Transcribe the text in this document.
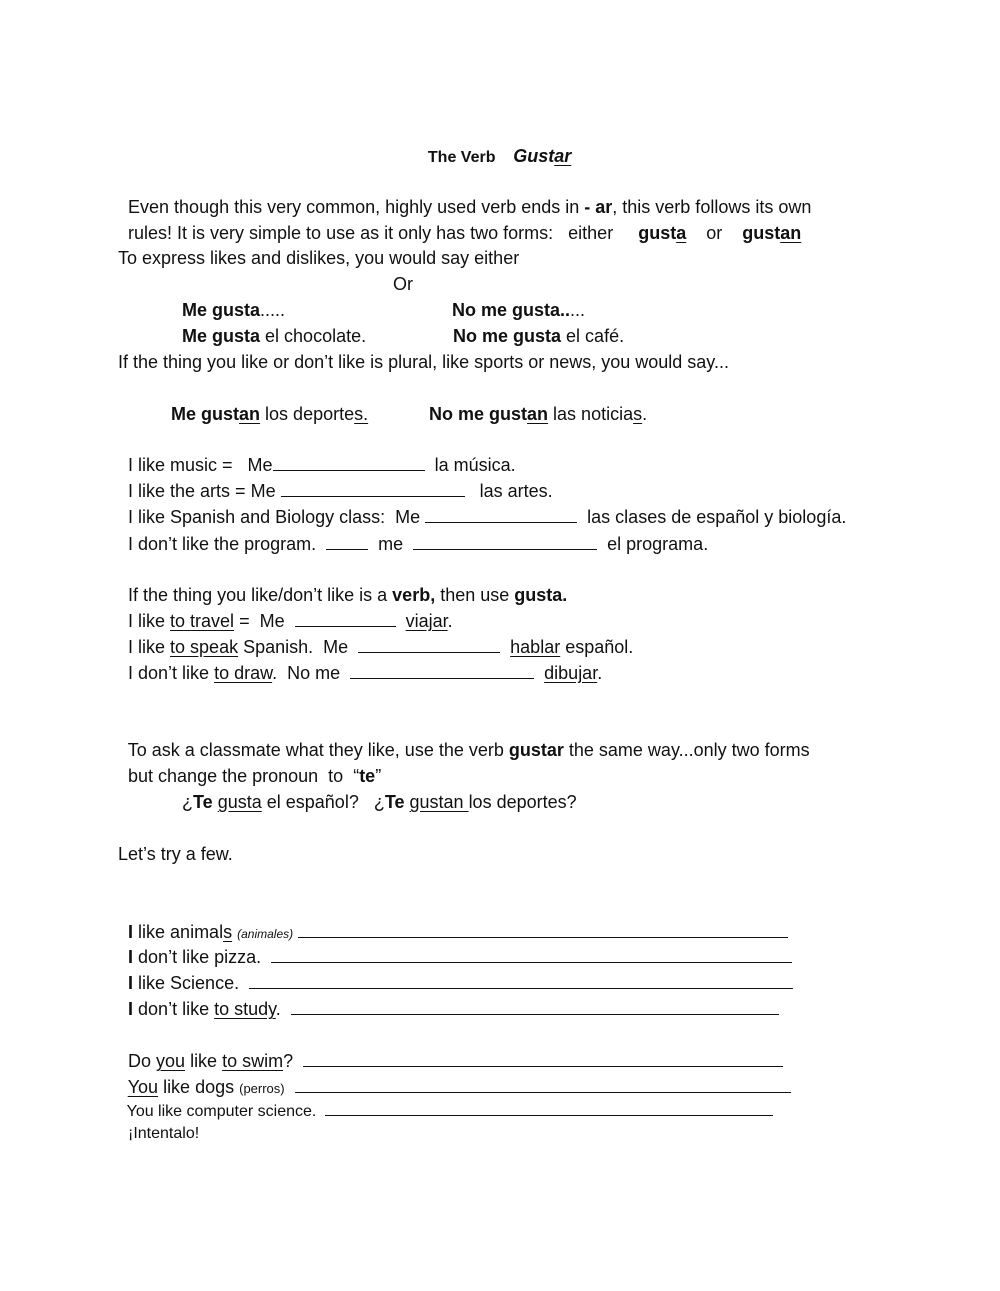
The Verb Gustar

Even though this very common, highly used verb ends in - ar, this verb follows its own

rules! It is very simple to use as it only has two forms:   either     gusta    or    gustan

To express likes and dislikes, you would say either

Me gusta.....

Or

No me gusta.....

Me gusta el chocolate.	No me gusta el café.

If the thing you like or don’t like is plural, like sports or news, you would say...

Me gustan los deportes.	No me gustan las noticias.

I like music =   Me	la música.

I like the arts = Me	las artes.

I like Spanish and Biology class:  Me	las clases de español y biología.

I don’t like the program.    me	el programa.

If the thing you like/don’t like is a verb, then use gusta.

I like to travel =  Me	viajar.

I like to speak Spanish.  Me	hablar español.

I don’t like to draw.  No me	dibujar.

To ask a classmate what they like, use the verb gustar the same way...only two forms

but change the pronoun  to  “te”

¿Te gusta el español?   ¿Te gustan los deportes?

Let’s try a few.

I like animals (animales)

I don’t like pizza.

I like Science.

I don’t like to study.

Do you like to swim?

You like dogs (perros)

You like computer science.

¡Intentalo!
